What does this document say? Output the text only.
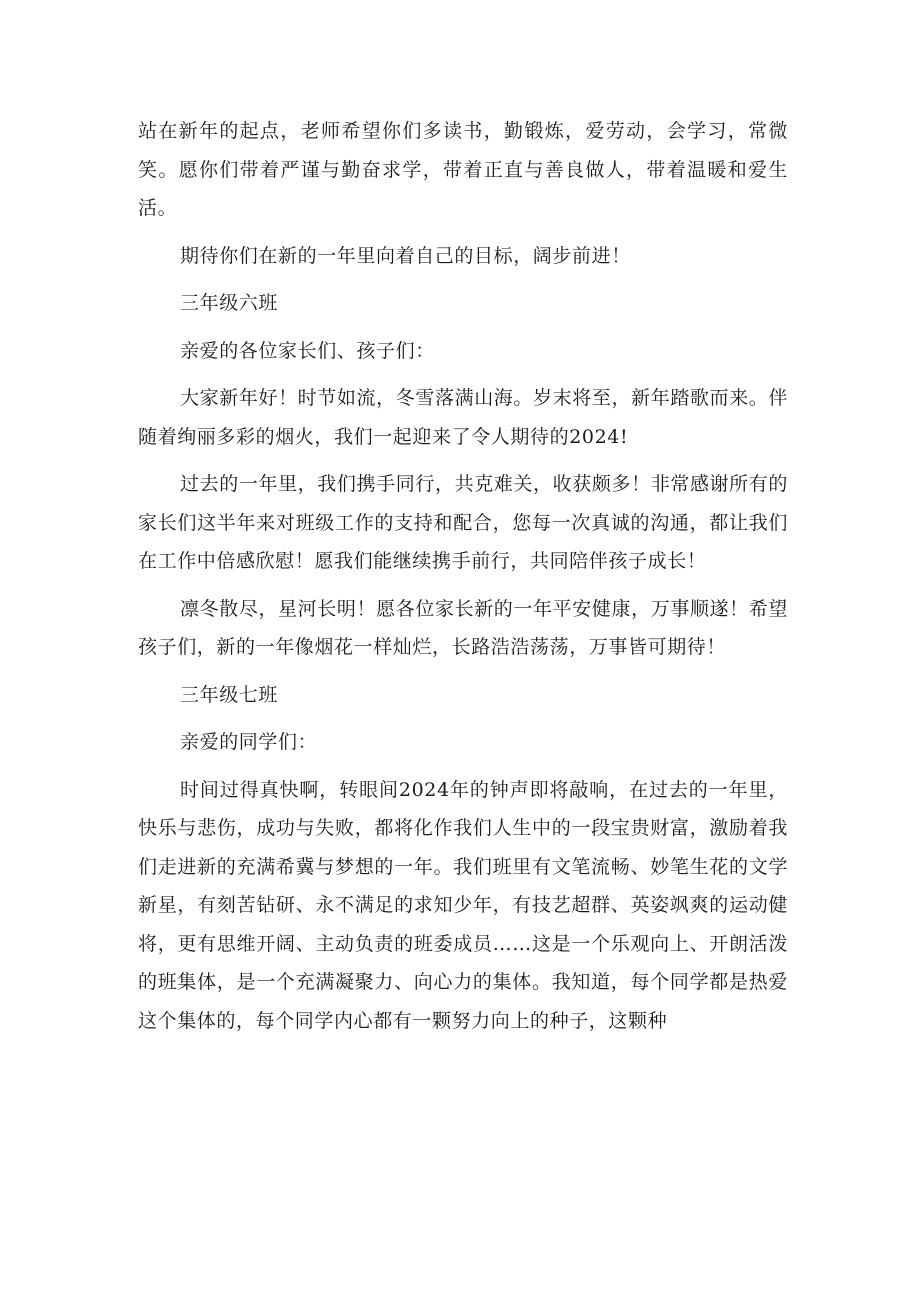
站在新年的起点，老师希望你们多读书，勤锻炼，爱劳动，会学习，常微笑。愿你们带着严谨与勤奋求学，带着正直与善良做人，带着温暖和爱生活。

期待你们在新的一年里向着自己的目标，阔步前进！

三年级六班

亲爱的各位家长们、孩子们：

大家新年好！时节如流，冬雪落满山海。岁末将至，新年踏歌而来。伴随着绚丽多彩的烟火，我们一起迎来了令人期待的2024!

过去的一年里，我们携手同行，共克难关，收获颇多！非常感谢所有的家长们这半年来对班级工作的支持和配合，您每一次真诚的沟通，都让我们在工作中倍感欣慰！愿我们能继续携手前行，共同陪伴孩子成长！

凛冬散尽，星河长明！愿各位家长新的一年平安健康，万事顺遂！希望孩子们，新的一年像烟花一样灿烂，长路浩浩荡荡，万事皆可期待！

三年级七班

亲爱的同学们：

时间过得真快啊，转眼间2024年的钟声即将敲响，在过去的一年里，快乐与悲伤，成功与失败，都将化作我们人生中的一段宝贵财富，激励着我们走进新的充满希冀与梦想的一年。我们班里有文笔流畅、妙笔生花的文学新星，有刻苦钻研、永不满足的求知少年，有技艺超群、英姿飒爽的运动健将，更有思维开阔、主动负责的班委成员……这是一个乐观向上、开朗活泼的班集体，是一个充满凝聚力、向心力的集体。我知道，每个同学都是热爱这个集体的，每个同学内心都有一颗努力向上的种子，这颗种
